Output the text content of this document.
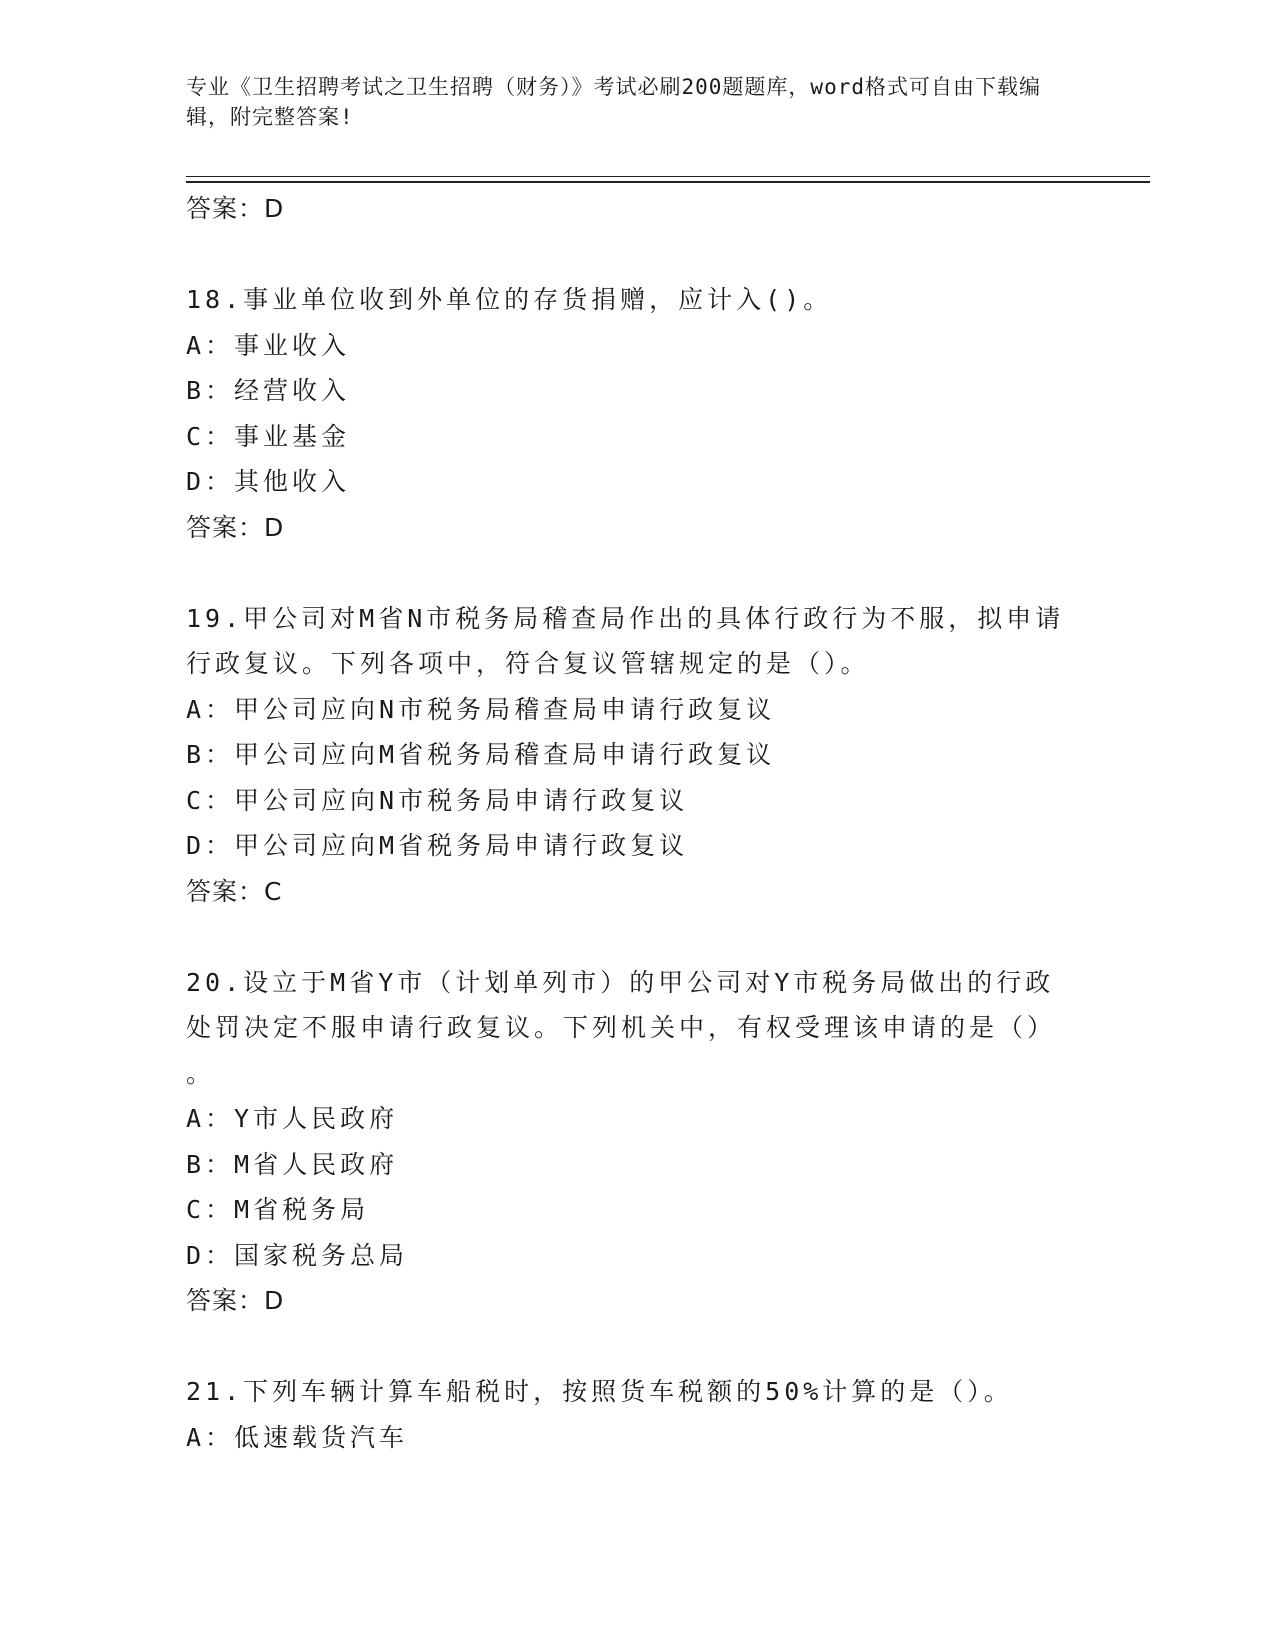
专业《卫生招聘考试之卫生招聘（财务）》考试必刷200题题库，word格式可自由下载编辑，附完整答案!
答案：D
18.事业单位收到外单位的存货捐赠，应计入()。
A：事业收入
B：经营收入
C：事业基金
D：其他收入
答案：D
19.甲公司对M省N市税务局稽查局作出的具体行政行为不服，拟申请
行政复议。下列各项中，符合复议管辖规定的是（）。
A：甲公司应向N市税务局稽查局申请行政复议
B：甲公司应向M省税务局稽查局申请行政复议
C：甲公司应向N市税务局申请行政复议
D：甲公司应向M省税务局申请行政复议
答案：C
20.设立于M省Y市（计划单列市）的甲公司对Y市税务局做出的行政
处罚决定不服申请行政复议。下列机关中，有权受理该申请的是（）
。
A：Y市人民政府
B：M省人民政府
C：M省税务局
D：国家税务总局
答案：D
21.下列车辆计算车船税时，按照货车税额的50%计算的是（）。
A：低速载货汽车
